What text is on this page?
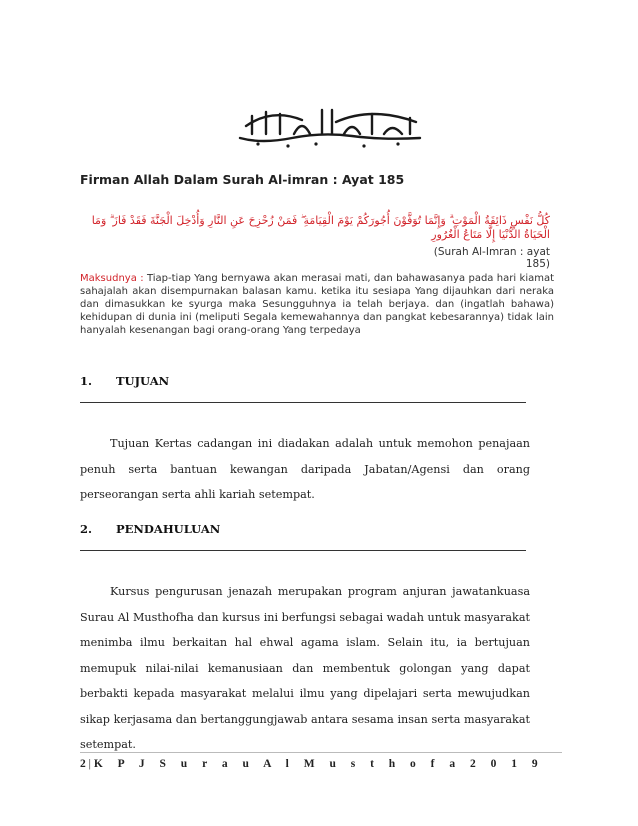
Firman Allah Dalam Surah Al-imran : Ayat 185
كُلُّ نَفْسٍ ذَائِقَةُ الْمَوْتِ ۗ وَإِنَّمَا تُوَفَّوْنَ أُجُورَكُمْ يَوْمَ الْقِيَامَةِ ۖ فَمَنْ زُحْزِحَ عَنِ النَّارِ وَأُدْخِلَ الْجَنَّةَ فَقَدْ فَازَ ۗ وَمَا الْحَيَاةُ الدُّنْيَا إِلَّا مَتَاعُ الْغُرُورِ
(Surah Al-Imran : ayat 185)
Maksudnya : Tiap-tiap Yang bernyawa akan merasai mati, dan bahawasanya pada hari kiamat sahajalah akan disempurnakan balasan kamu. ketika itu sesiapa Yang dijauhkan dari neraka dan dimasukkan ke syurga maka Sesungguhnya ia telah berjaya. dan (ingatlah bahawa) kehidupan di dunia ini (meliputi Segala kemewahannya dan pangkat kebesarannya) tidak lain hanyalah kesenangan bagi orang-orang Yang terpedaya
1. TUJUAN
Tujuan Kertas cadangan ini diadakan adalah untuk memohon penajaan penuh serta bantuan kewangan daripada Jabatan/Agensi dan orang perseorangan serta ahli kariah setempat.
2. PENDAHULUAN
Kursus pengurusan jenazah merupakan program anjuran jawatankuasa Surau Al Musthofha dan kursus ini berfungsi sebagai wadah untuk masyarakat menimba ilmu berkaitan hal ehwal agama islam. Selain itu, ia bertujuan memupuk nilai-nilai kemanusiaan dan membentuk golongan yang dapat berbakti kepada masyarakat melalui ilmu yang dipelajari serta mewujudkan sikap kerjasama dan bertanggungjawab antara sesama insan serta masyarakat setempat.
2 | K P J S u r a u A l M u s t h o f a 2 0 1 9
